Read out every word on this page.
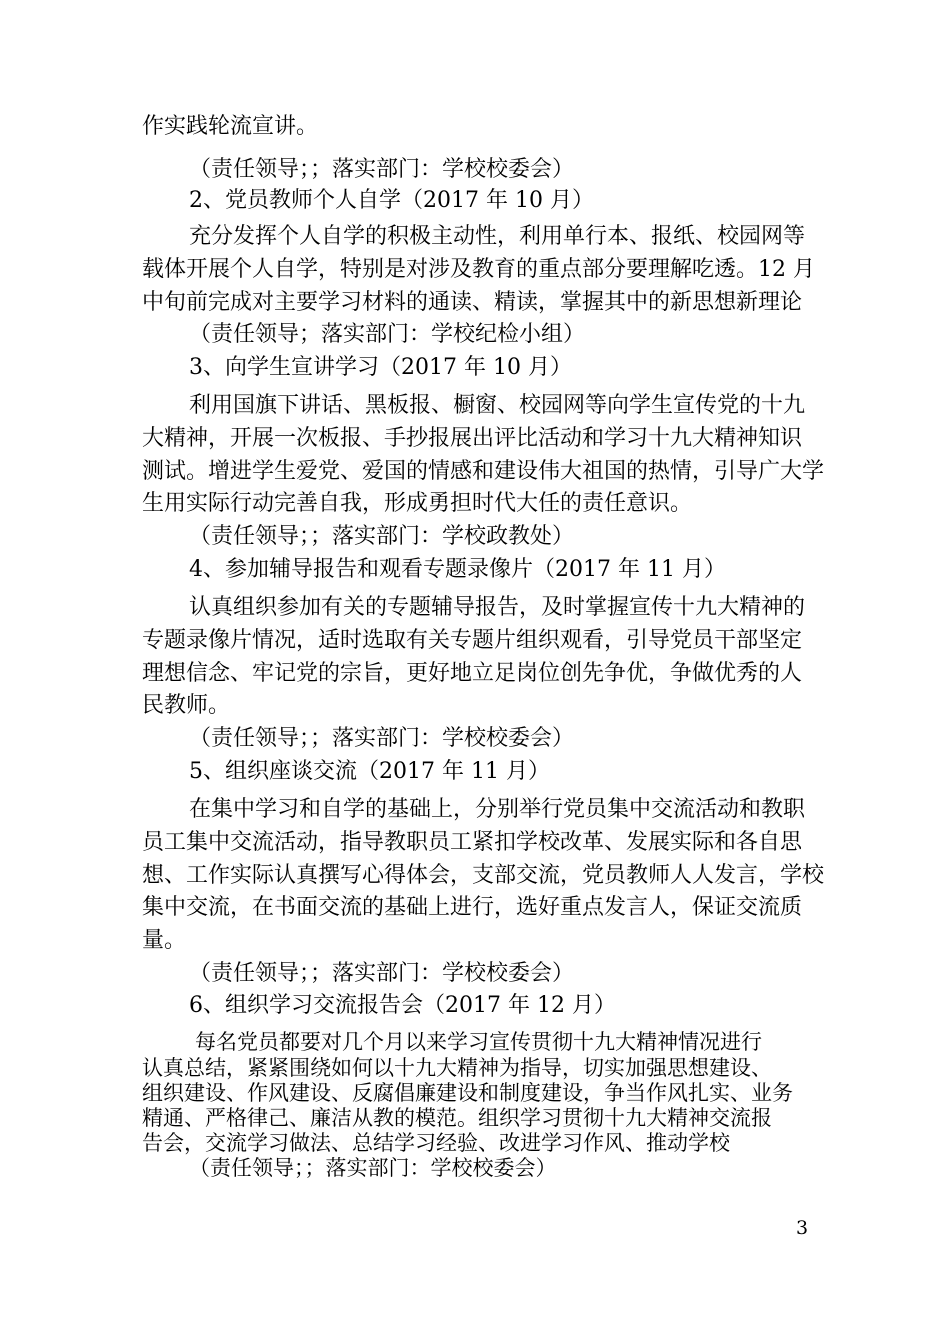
作实践轮流宣讲。
（责任领导；；落实部门：学校校委会）
2、党员教师个人自学（2017 年 10 月）
充分发挥个人自学的积极主动性，利用单行本、报纸、校园网等
载体开展个人自学，特别是对涉及教育的重点部分要理解吃透。12 月
中旬前完成对主要学习材料的通读、精读，掌握其中的新思想新理论
（责任领导；落实部门：学校纪检小组）
3、向学生宣讲学习（2017 年 10 月）
利用国旗下讲话、黑板报、橱窗、校园网等向学生宣传党的十九
大精神，开展一次板报、手抄报展出评比活动和学习十九大精神知识
测试。增进学生爱党、爱国的情感和建设伟大祖国的热情，引导广大学
生用实际行动完善自我，形成勇担时代大任的责任意识。
（责任领导；；落实部门：学校政教处）
4、参加辅导报告和观看专题录像片（2017 年 11 月）
认真组织参加有关的专题辅导报告，及时掌握宣传十九大精神的
专题录像片情况，适时选取有关专题片组织观看，引导党员干部坚定
理想信念、牢记党的宗旨，更好地立足岗位创先争优，争做优秀的人
民教师。
（责任领导；；落实部门：学校校委会）
5、组织座谈交流（2017 年 11 月）
在集中学习和自学的基础上，分别举行党员集中交流活动和教职
员工集中交流活动，指导教职员工紧扣学校改革、发展实际和各自思
想、工作实际认真撰写心得体会，支部交流，党员教师人人发言，学校
集中交流，在书面交流的基础上进行，选好重点发言人，保证交流质
量。
（责任领导；；落实部门：学校校委会）
6、组织学习交流报告会（2017 年 12 月）
每名党员都要对几个月以来学习宣传贯彻十九大精神情况进行
认真总结，紧紧围绕如何以十九大精神为指导，切实加强思想建设、
组织建设、作风建设、反腐倡廉建设和制度建设，争当作风扎实、业务
精通、严格律己、廉洁从教的模范。组织学习贯彻十九大精神交流报
告会，交流学习做法、总结学习经验、改进学习作风、推动学校
（责任领导；；落实部门：学校校委会）
3
